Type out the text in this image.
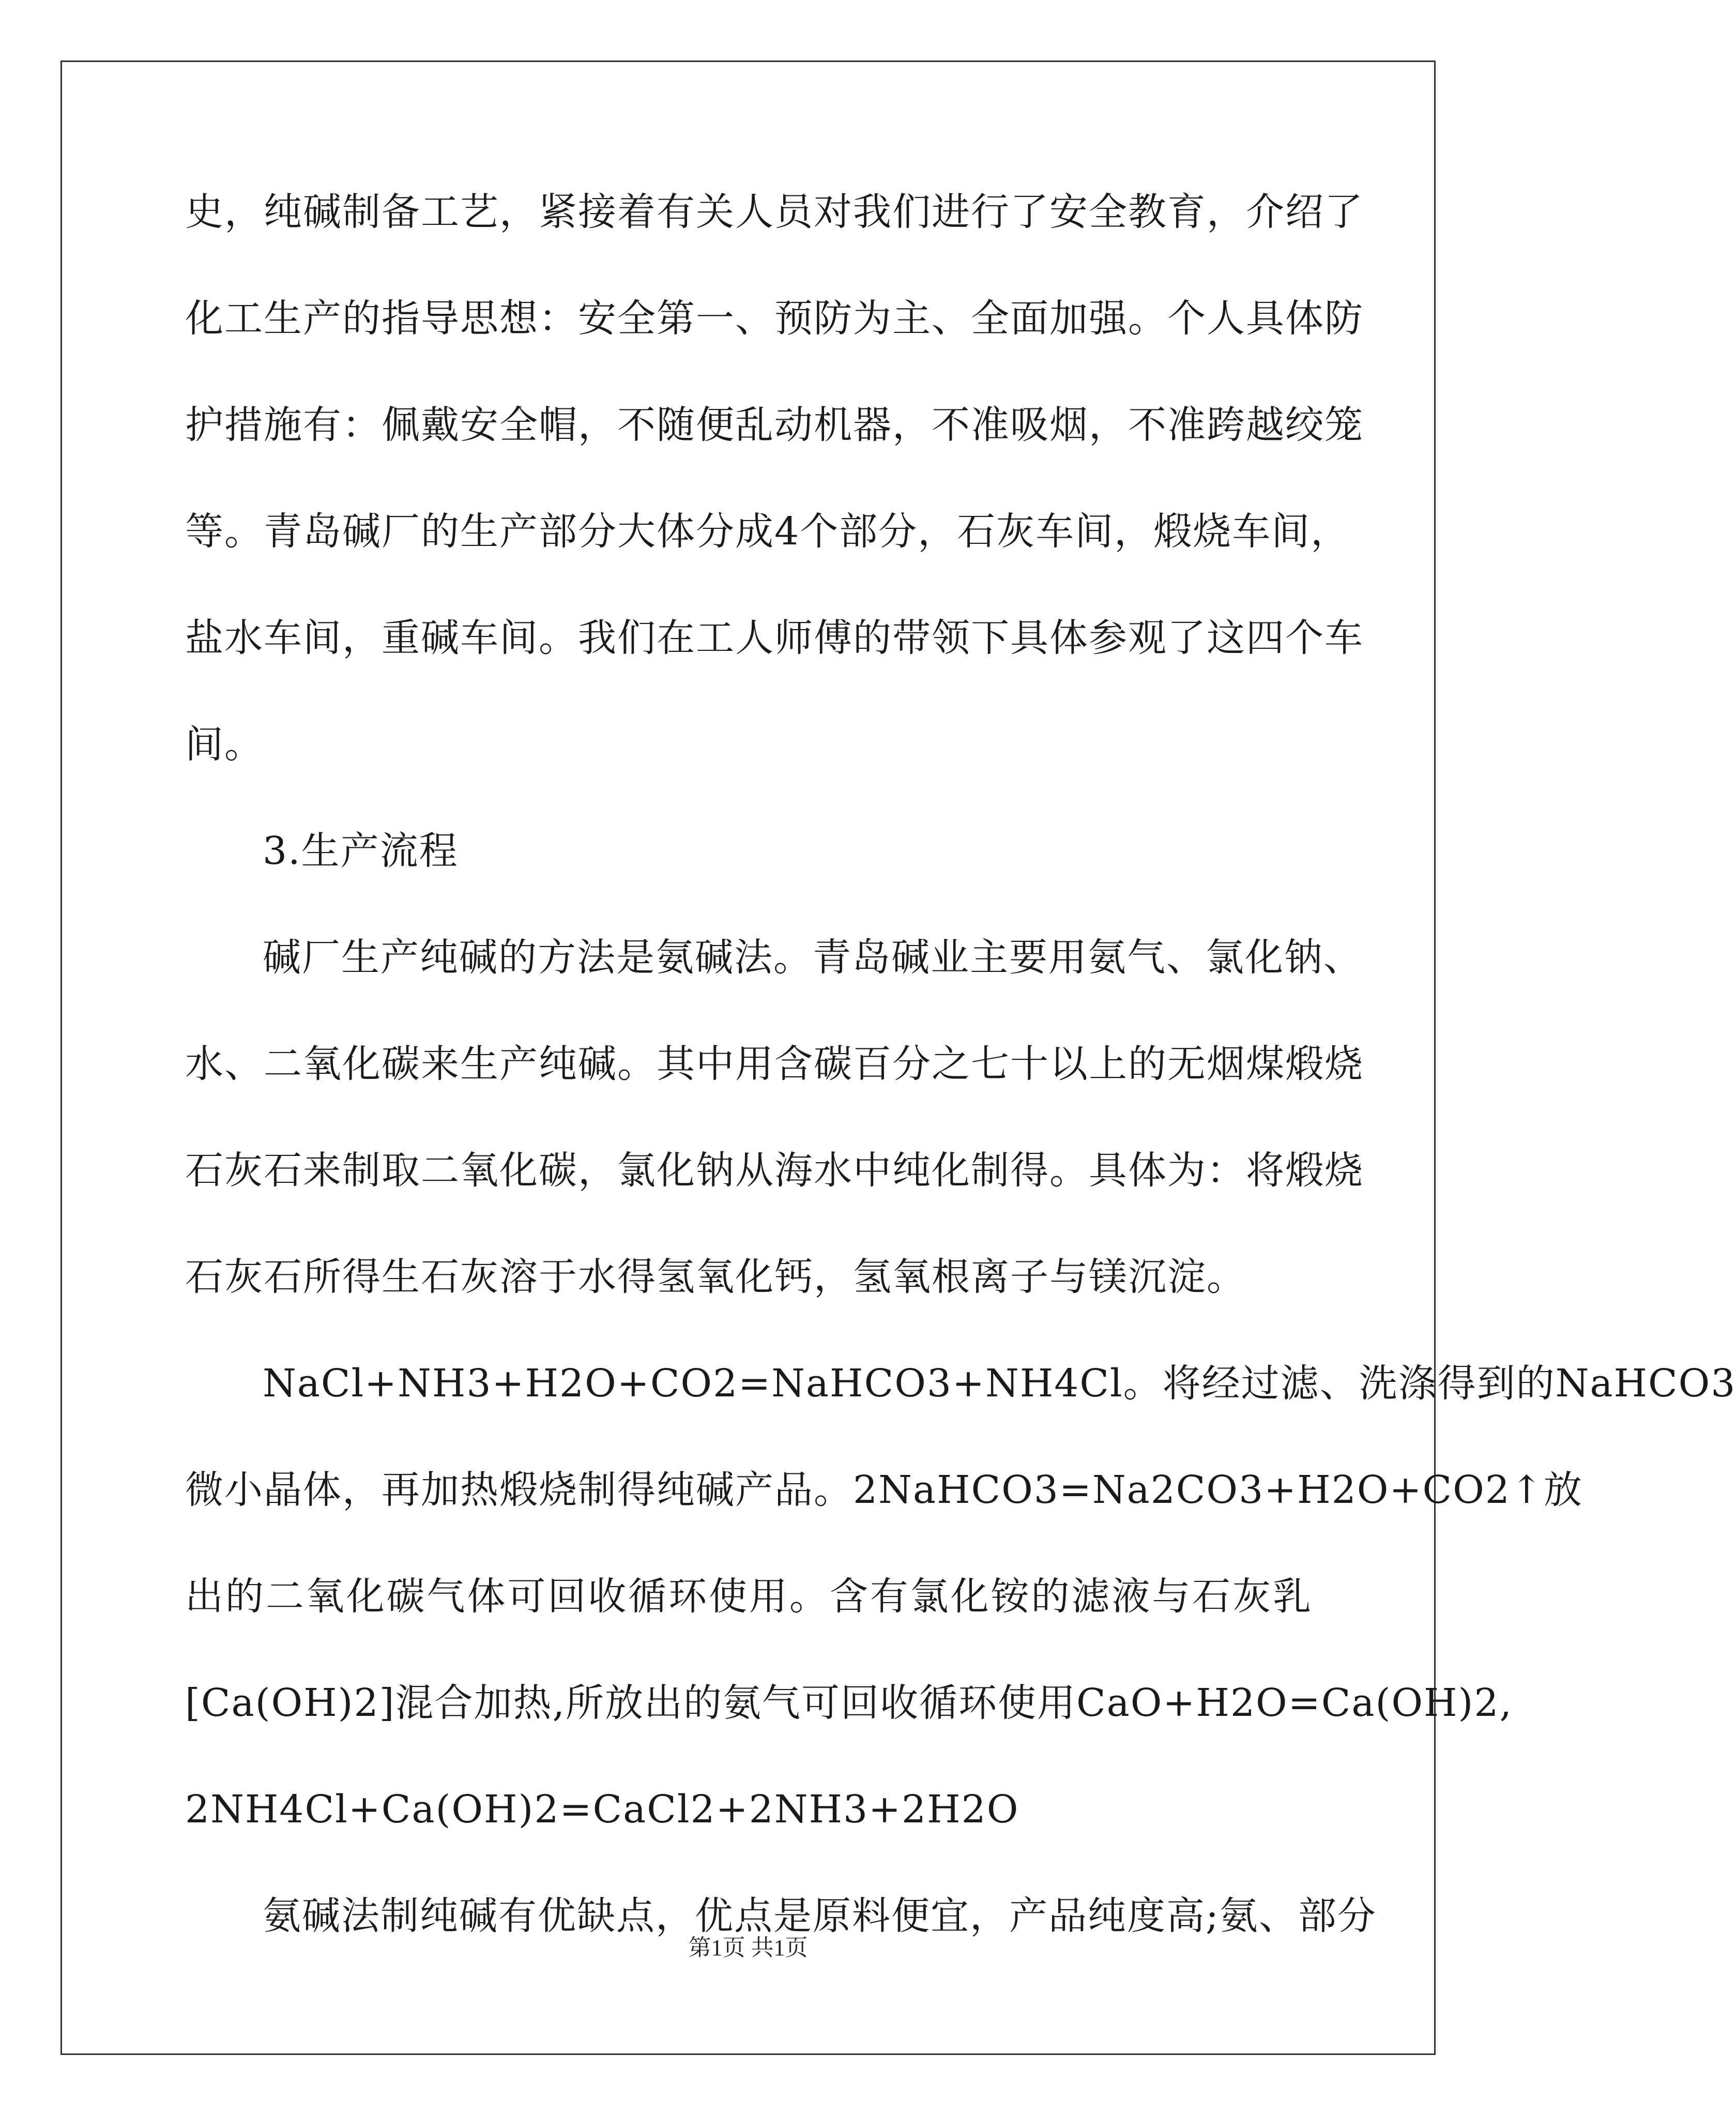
史，纯碱制备工艺，紧接着有关人员对我们进行了安全教育，介绍了
化工生产的指导思想：安全第一、预防为主、全面加强。个人具体防
护措施有：佩戴安全帽，不随便乱动机器，不准吸烟，不准跨越绞笼
等。青岛碱厂的生产部分大体分成4个部分，石灰车间，煅烧车间，
盐水车间，重碱车间。我们在工人师傅的带领下具体参观了这四个车
间。
3.生产流程
碱厂生产纯碱的方法是氨碱法。青岛碱业主要用氨气、氯化钠、
水、二氧化碳来生产纯碱。其中用含碳百分之七十以上的无烟煤煅烧
石灰石来制取二氧化碳，氯化钠从海水中纯化制得。具体为：将煅烧
石灰石所得生石灰溶于水得氢氧化钙，氢氧根离子与镁沉淀。
NaCl+NH3+H2O+CO2=NaHCO3+NH4Cl。将经过滤、洗涤得到的NaHCO3
微小晶体，再加热煅烧制得纯碱产品。2NaHCO3=Na2CO3+H2O+CO2↑放
出的二氧化碳气体可回收循环使用。含有氯化铵的滤液与石灰乳
[Ca(OH)2]混合加热,所放出的氨气可回收循环使用CaO+H2O=Ca(OH)2,
2NH4Cl+Ca(OH)2=CaCl2+2NH3+2H2O
氨碱法制纯碱有优缺点，优点是原料便宜，产品纯度高;氨、部分
第1页 共1页
